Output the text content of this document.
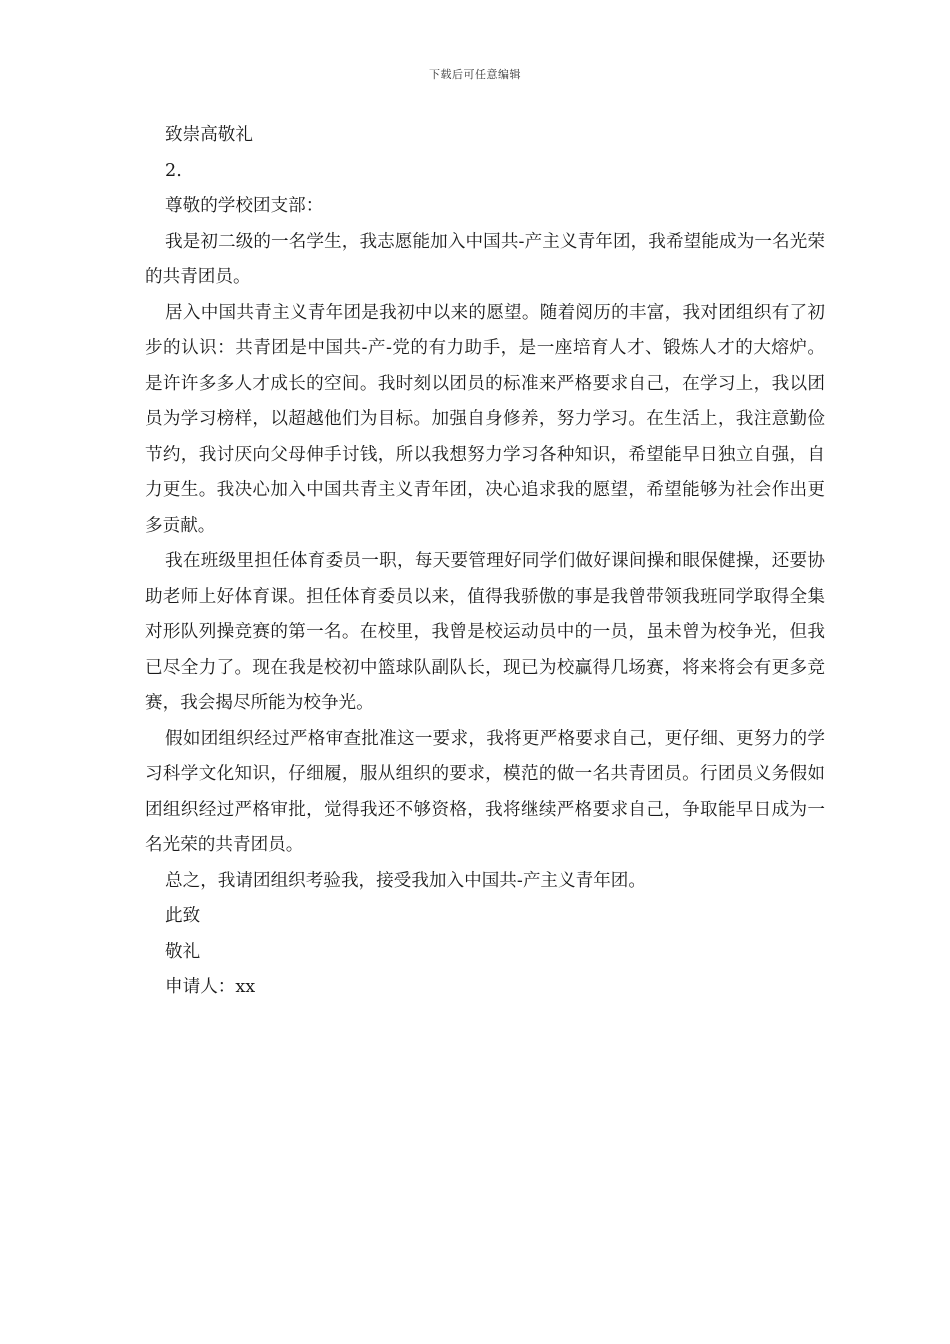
下载后可任意编辑

致崇高敬礼

2.

尊敬的学校团支部：

我是初二级的一名学生，我志愿能加入中国共-产主义青年团，我希望能成为一名光荣的共青团员。

居入中国共青主义青年团是我初中以来的愿望。随着阅历的丰富，我对团组织有了初步的认识：共青团是中国共-产-党的有力助手，是一座培育人才、锻炼人才的大熔炉。是许许多多人才成长的空间。我时刻以团员的标准来严格要求自己，在学习上，我以团员为学习榜样，以超越他们为目标。加强自身修养，努力学习。在生活上，我注意勤俭节约，我讨厌向父母伸手讨钱，所以我想努力学习各种知识，希望能早日独立自强，自力更生。我决心加入中国共青主义青年团，决心追求我的愿望，希望能够为社会作出更多贡献。

我在班级里担任体育委员一职，每天要管理好同学们做好课间操和眼保健操，还要协助老师上好体育课。担任体育委员以来，值得我骄傲的事是我曾带领我班同学取得全集对形队列操竞赛的第一名。在校里，我曾是校运动员中的一员，虽未曾为校争光，但我已尽全力了。现在我是校初中篮球队副队长，现已为校赢得几场赛，将来将会有更多竞赛，我会揭尽所能为校争光。

假如团组织经过严格审查批准这一要求，我将更严格要求自己，更仔细、更努力的学习科学文化知识，仔细履，服从组织的要求，模范的做一名共青团员。行团员义务假如团组织经过严格审批，觉得我还不够资格，我将继续严格要求自己，争取能早日成为一名光荣的共青团员。

总之，我请团组织考验我，接受我加入中国共-产主义青年团。

此致

敬礼

申请人：xx
